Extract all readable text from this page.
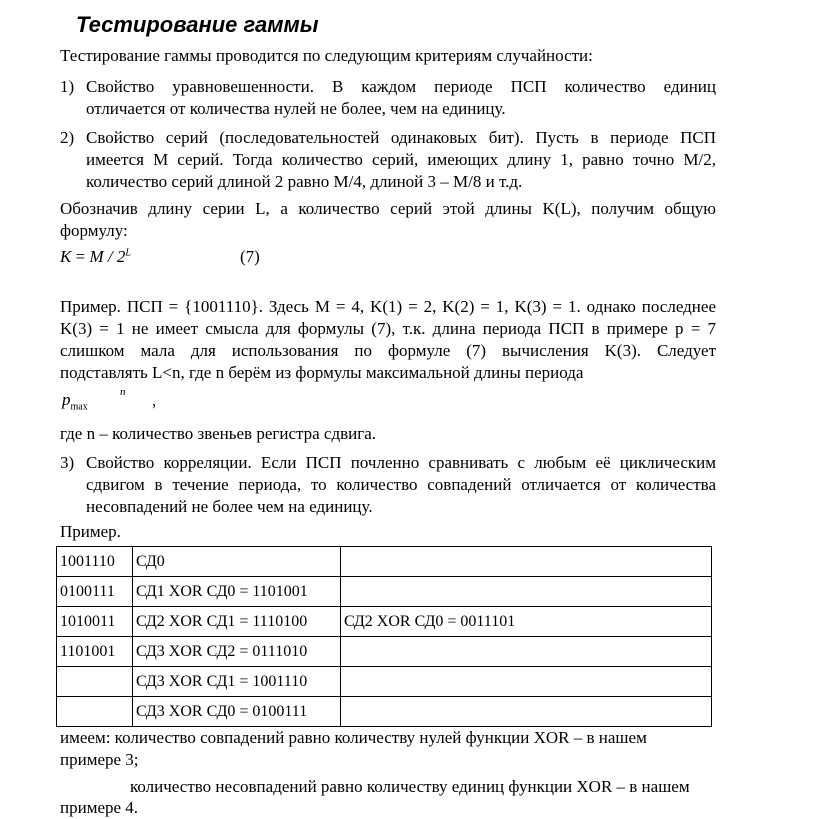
Тестирование гаммы
Тестирование гаммы проводится по следующим критериям случайности:
1) Свойство уравновешенности. В каждом периоде ПСП количество единиц
отличается от количества нулей не более, чем на единицу.
2) Свойство серий (последовательностей одинаковых бит). Пусть в периоде ПСП
имеется M серий. Тогда количество серий, имеющих длину 1, равно точно M/2,
количество серий длиной 2 равно M/4, длиной 3 – M/8 и т.д.
Обозначив длину серии L, а количество серий этой длины K(L), получим общую
формулу:
$K = M / 2^L$	(7)
Пример. ПСП = {1001110}. Здесь M = 4, K(1) = 2, K(2) = 1, K(3) = 1. однако последнее
K(3) = 1 не имеет смысла для формулы (7), т.к. длина периода ПСП в примере p = 7
слишком мала для использования по формуле (7) вычисления K(3). Следует
подставлять L<n, где n берём из формулы максимальной длины периода
$p_{max}$
n ,
где n – количество звеньев регистра сдвига.
3) Свойство корреляции. Если ПСП почленно сравнивать с любым её циклическим
сдвигом в течение периода, то количество совпадений отличается от количества
несовпадений не более чем на единицу.
Пример.
1001110	СД0	
0100111	СД1 XOR СД0 = 1101001	
1010011	СД2 XOR СД1 = 1110100	СД2 XOR СД0 = 0011101
1101001	СД3 XOR СД2 = 0111010	
	СД3 XOR СД1 = 1001110	
	СД3 XOR СД0 = 0100111	
имеем: количество совпадений равно количеству нулей функции XOR – в нашем
примере 3;
количество несовпадений равно количеству единиц функции XOR – в нашем
примере 4.
